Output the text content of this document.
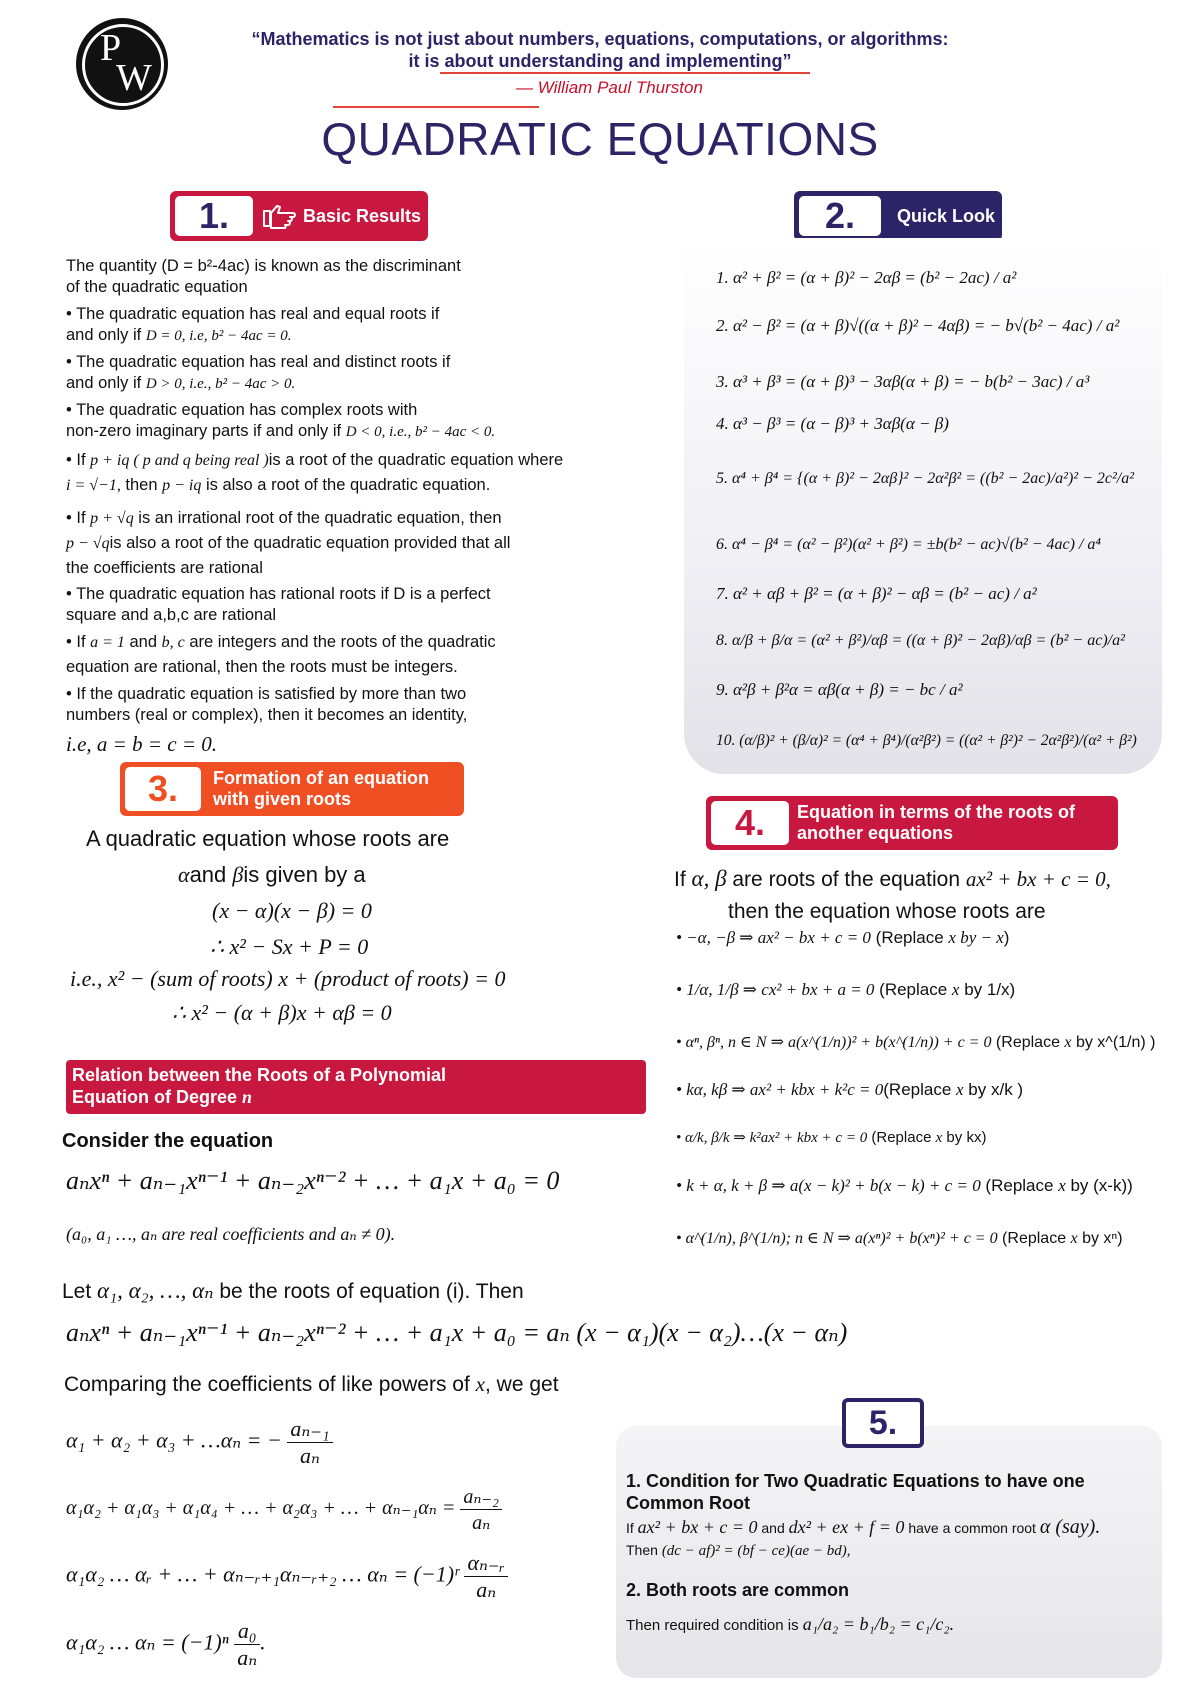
P
W
“Mathematics is not just about numbers, equations, computations, or algorithms:
it is about understanding and implementing”
— William Paul Thurston
QUADRATIC EQUATIONS
1.	Basic Results
The quantity (D = b²-4ac) is known as the discriminant
of the quadratic equation
• The quadratic equation has real and equal roots if
and only if D = 0, i.e, b² − 4ac = 0.
• The quadratic equation has real and distinct roots if
and only if D > 0, i.e., b² − 4ac > 0.
• The quadratic equation has complex roots with
non-zero imaginary parts if and only if D < 0, i.e., b² − 4ac < 0.
• If p + iq ( p and q being real )is a root of the quadratic equation where
i = √−1, then p − iq is also a root of the quadratic equation.
• If p + √q is an irrational root of the quadratic equation, then
p − √qis also a root of the quadratic equation provided that all
the coefficients are rational
• The quadratic equation has rational roots if D is a perfect
square and a,b,c are rational
• If a = 1 and b, c are integers and the roots of the quadratic
equation are rational, then the roots must be integers.
• If the quadratic equation is satisfied by more than two
numbers (real or complex), then it becomes an identity,
i.e, a = b = c = 0.
2.	Quick Look
1. α² + β² = (α + β)² − 2αβ = (b² − 2ac) / a²
2. α² − β² = (α + β)√((α + β)² − 4αβ) = − b√(b² − 4ac) / a²
3. α³ + β³ = (α + β)³ − 3αβ(α + β) = − b(b² − 3ac) / a³
4. α³ − β³ = (α − β)³ + 3αβ(α − β)
5. α⁴ + β⁴ = {(α + β)² − 2αβ}² − 2α²β² = ((b² − 2ac)/a²)² − 2c²/a²
6. α⁴ − β⁴ = (α² − β²)(α² + β²) = ±b(b² − ac)√(b² − 4ac) / a⁴
7. α² + αβ + β² = (α + β)² − αβ = (b² − ac) / a²
8. α/β + β/α = (α² + β²)/αβ = ((α + β)² − 2αβ)/αβ = (b² − ac)/a²
9. α²β + β²α = αβ(α + β) = − bc / a²
10. (α/β)² + (β/α)² = (α⁴ + β⁴)/(α²β²) = ((α² + β²)² − 2α²β²)/(α² + β²)
3.	Formation of an equation
with given roots
A quadratic equation whose roots are
αand βis given by a
(x − α)(x − β) = 0
∴ x² − Sx + P = 0
i.e., x² − (sum of roots) x + (product of roots) = 0
∴ x² − (α + β)x + αβ = 0
Relation between the Roots of a Polynomial
Equation of Degree n
Consider the equation
aₙxⁿ + aₙ₋₁xⁿ⁻¹ + aₙ₋₂xⁿ⁻² + … + a₁x + a₀ = 0
(a₀, a₁ …, aₙ are real coefficients and aₙ ≠ 0).
Let α₁, α₂, …, αₙ be the roots of equation (i). Then
aₙxⁿ + aₙ₋₁xⁿ⁻¹ + aₙ₋₂xⁿ⁻² + … + a₁x + a₀ = aₙ (x − α₁)(x − α₂)…(x − αₙ)
Comparing the coefficients of like powers of x, we get
α₁ + α₂ + α₃ + …αₙ = − $\frac{\text{aₙ₋₁}}{\text{aₙ}}$
α₁α₂ + α₁α₃ + α₁α₄ + … + α₂α₃ + … + $\alpha_{n-1}\alpha_n = \frac{\text{aₙ₋₂}}{\text{aₙ}}$
α₁α₂ … αᵣ + … + αₙ₋ᵣ₊₁αₙ₋ᵣ₊₂ … αₙ = (−1)ʳ $\frac{\text{αₙ₋ᵣ}}{\text{aₙ}}$
α₁α₂ … $\alpha_n = (-1)^n \frac{\text{a₀}}{\text{aₙ}}$ .
4.	Equation in terms of the roots of
another equations
If α, β are roots of the equation ax² + bx + c = 0,
then the equation whose roots are
• −α, −β ⇒ ax² − bx + c = 0 (Replace x by − x)
• 1/α, 1/β ⇒ cx² + bx + a = 0 (Replace x by 1/x)
• αⁿ, βⁿ, n ∈ N ⇒ a(x^(1/n))² + b(x^(1/n)) + c = 0 (Replace x by x^(1/n) )
• kα, kβ ⇒ ax² + kbx + k²c = 0(Replace x by x/k )
• α/k, β/k ⇒ k²ax² + kbx + c = 0 (Replace x by kx)
• k + α, k + β ⇒ a(x − k)² + b(x − k) + c = 0 (Replace x by (x-k))
• α^(1/n), β^(1/n); n ∈ N ⇒ a(xⁿ)² + b(xⁿ)² + c = 0 (Replace x by xⁿ)
5.
1. Condition for Two Quadratic Equations to have one
Common Root
If ax² + bx + c = 0 and dx² + ex + f = 0 have a common root α (say).
Then (dc − af)² = (bf − ce)(ae − bd),
2. Both roots are common
Then required condition is a₁/a₂ = b₁/b₂ = c₁/c₂.
